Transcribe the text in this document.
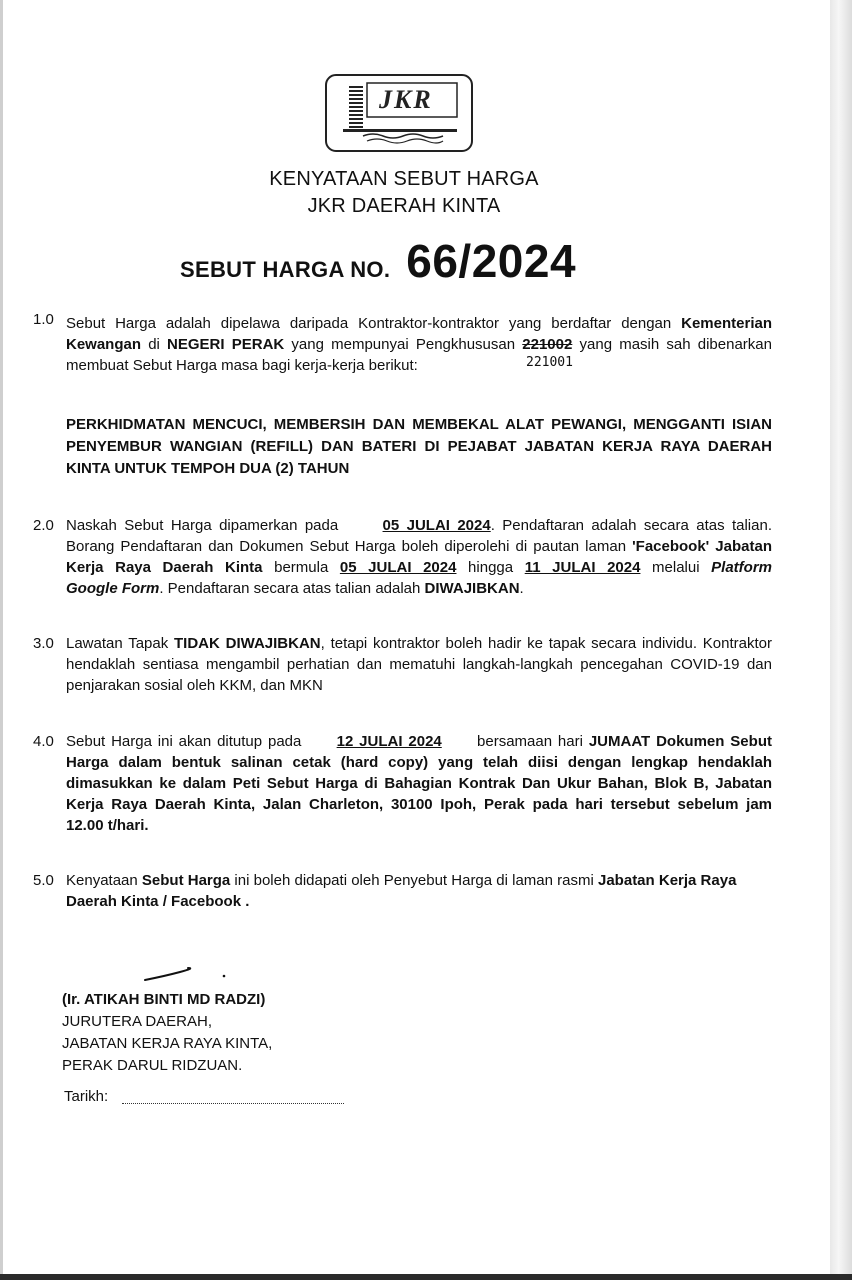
JKR
KENYATAAN SEBUT HARGA
JKR DAERAH KINTA
SEBUT HARGA NO. 66/2024
1.0 Sebut Harga adalah dipelawa daripada Kontraktor-kontraktor yang berdaftar dengan Kementerian
Kewangan di NEGERI PERAK yang mempunyai Pengkhususan 221002 yang masih sah dibenarkan
membuat Sebut Harga masa bagi kerja-kerja berikut:	221001
PERKHIDMATAN MENCUCI, MEMBERSIH DAN MEMBEKAL ALAT PEWANGI, MENGGANTI ISIAN
PENYEMBUR WANGIAN (REFILL) DAN BATERI DI PEJABAT JABATAN KERJA RAYA DAERAH
KINTA UNTUK TEMPOH DUA (2) TAHUN
2.0 Naskah Sebut Harga dipamerkan pada	05 JULAI 2024. Pendaftaran adalah secara atas talian.
Borang Pendaftaran dan Dokumen Sebut Harga boleh diperolehi di pautan laman 'Facebook' Jabatan
Kerja Raya Daerah Kinta bermula 05 JULAI 2024 hingga 11 JULAI 2024 melalui Platform
Google Form. Pendaftaran secara atas talian adalah DIWAJIBKAN.
3.0 Lawatan Tapak TIDAK DIWAJIBKAN, tetapi kontraktor boleh hadir ke tapak secara individu. Kontraktor
hendaklah sentiasa mengambil perhatian dan mematuhi langkah-langkah pencegahan COVID-19 dan
penjarakan sosial oleh KKM, dan MKN
4.0 Sebut Harga ini akan ditutup pada 12 JULAI 2024 bersamaan hari JUMAAT Dokumen Sebut
Harga dalam bentuk salinan cetak (hard copy) yang telah diisi dengan lengkap hendaklah
dimasukkan ke dalam Peti Sebut Harga di Bahagian Kontrak Dan Ukur Bahan, Blok B, Jabatan
Kerja Raya Daerah Kinta, Jalan Charleton, 30100 Ipoh, Perak pada hari tersebut sebelum jam
12.00 t/hari.
5.0 Kenyataan Sebut Harga ini boleh didapati oleh Penyebut Harga di laman rasmi Jabatan Kerja Raya
Daerah Kinta / Facebook .
(Ir. ATIKAH BINTI MD RADZI)
JURUTERA DAERAH,
JABATAN KERJA RAYA KINTA,
PERAK DARUL RIDZUAN.
Tarikh:
